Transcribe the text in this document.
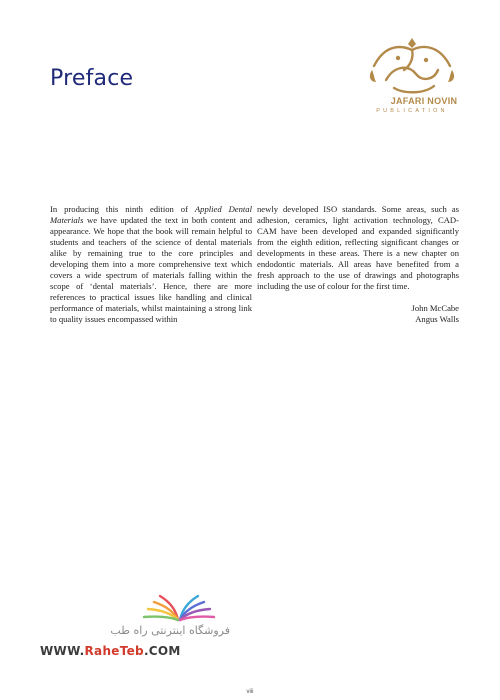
Preface
JAFARI NOVIN
PUBLICATION

In producing this ninth edition of Applied Dental Materials we have updated the text in both content and appearance. We hope that the book will remain helpful to students and teachers of the science of dental materials alike by remaining true to the core principles and developing them into a more comprehensive text which covers a wide spectrum of materials falling within the scope of ‘dental materials’. Hence, there are more references to practical issues like handling and clinical performance of materials, whilst maintaining a strong link to quality issues encompassed within

newly developed ISO standards. Some areas, such as adhesion, ceramics, light activation technology, CAD-CAM have been developed and expanded significantly from the eighth edition, reflecting significant changes or developments in these areas. There is a new chapter on endodontic materials. All areas have benefited from a fresh approach to the use of drawings and photographs including the use of colour for the first time.

John McCabe
Angus Walls
فروشگاه اینترنتی راه طب
WWW.RaheTeb.COM
viii
